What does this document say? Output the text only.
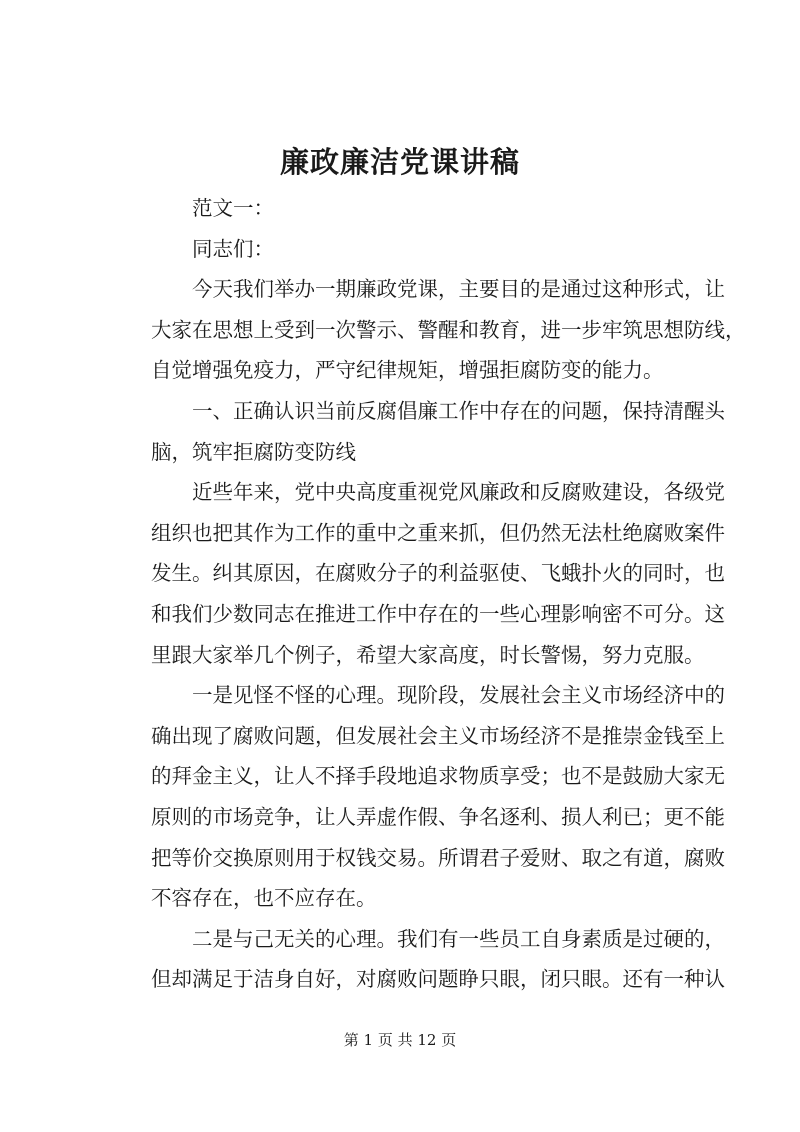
廉政廉洁党课讲稿
范文一：
同志们：
今天我们举办一期廉政党课，主要目的是通过这种形式，让
大家在思想上受到一次警示、警醒和教育，进一步牢筑思想防线，
自觉增强免疫力，严守纪律规矩，增强拒腐防变的能力。
一、正确认识当前反腐倡廉工作中存在的问题，保持清醒头
脑，筑牢拒腐防变防线
近些年来，党中央高度重视党风廉政和反腐败建设，各级党
组织也把其作为工作的重中之重来抓，但仍然无法杜绝腐败案件
发生。纠其原因，在腐败分子的利益驱使、飞蛾扑火的同时，也
和我们少数同志在推进工作中存在的一些心理影响密不可分。这
里跟大家举几个例子，希望大家高度，时长警惕，努力克服。
一是见怪不怪的心理。现阶段，发展社会主义市场经济中的
确出现了腐败问题，但发展社会主义市场经济不是推崇金钱至上
的拜金主义，让人不择手段地追求物质享受；也不是鼓励大家无
原则的市场竞争，让人弄虚作假、争名逐利、损人利已；更不能
把等价交换原则用于权钱交易。所谓君子爱财、取之有道，腐败
不容存在，也不应存在。
二是与己无关的心理。我们有一些员工自身素质是过硬的，
但却满足于洁身自好，对腐败问题睁只眼，闭只眼。还有一种认
第 1 页 共 12 页
